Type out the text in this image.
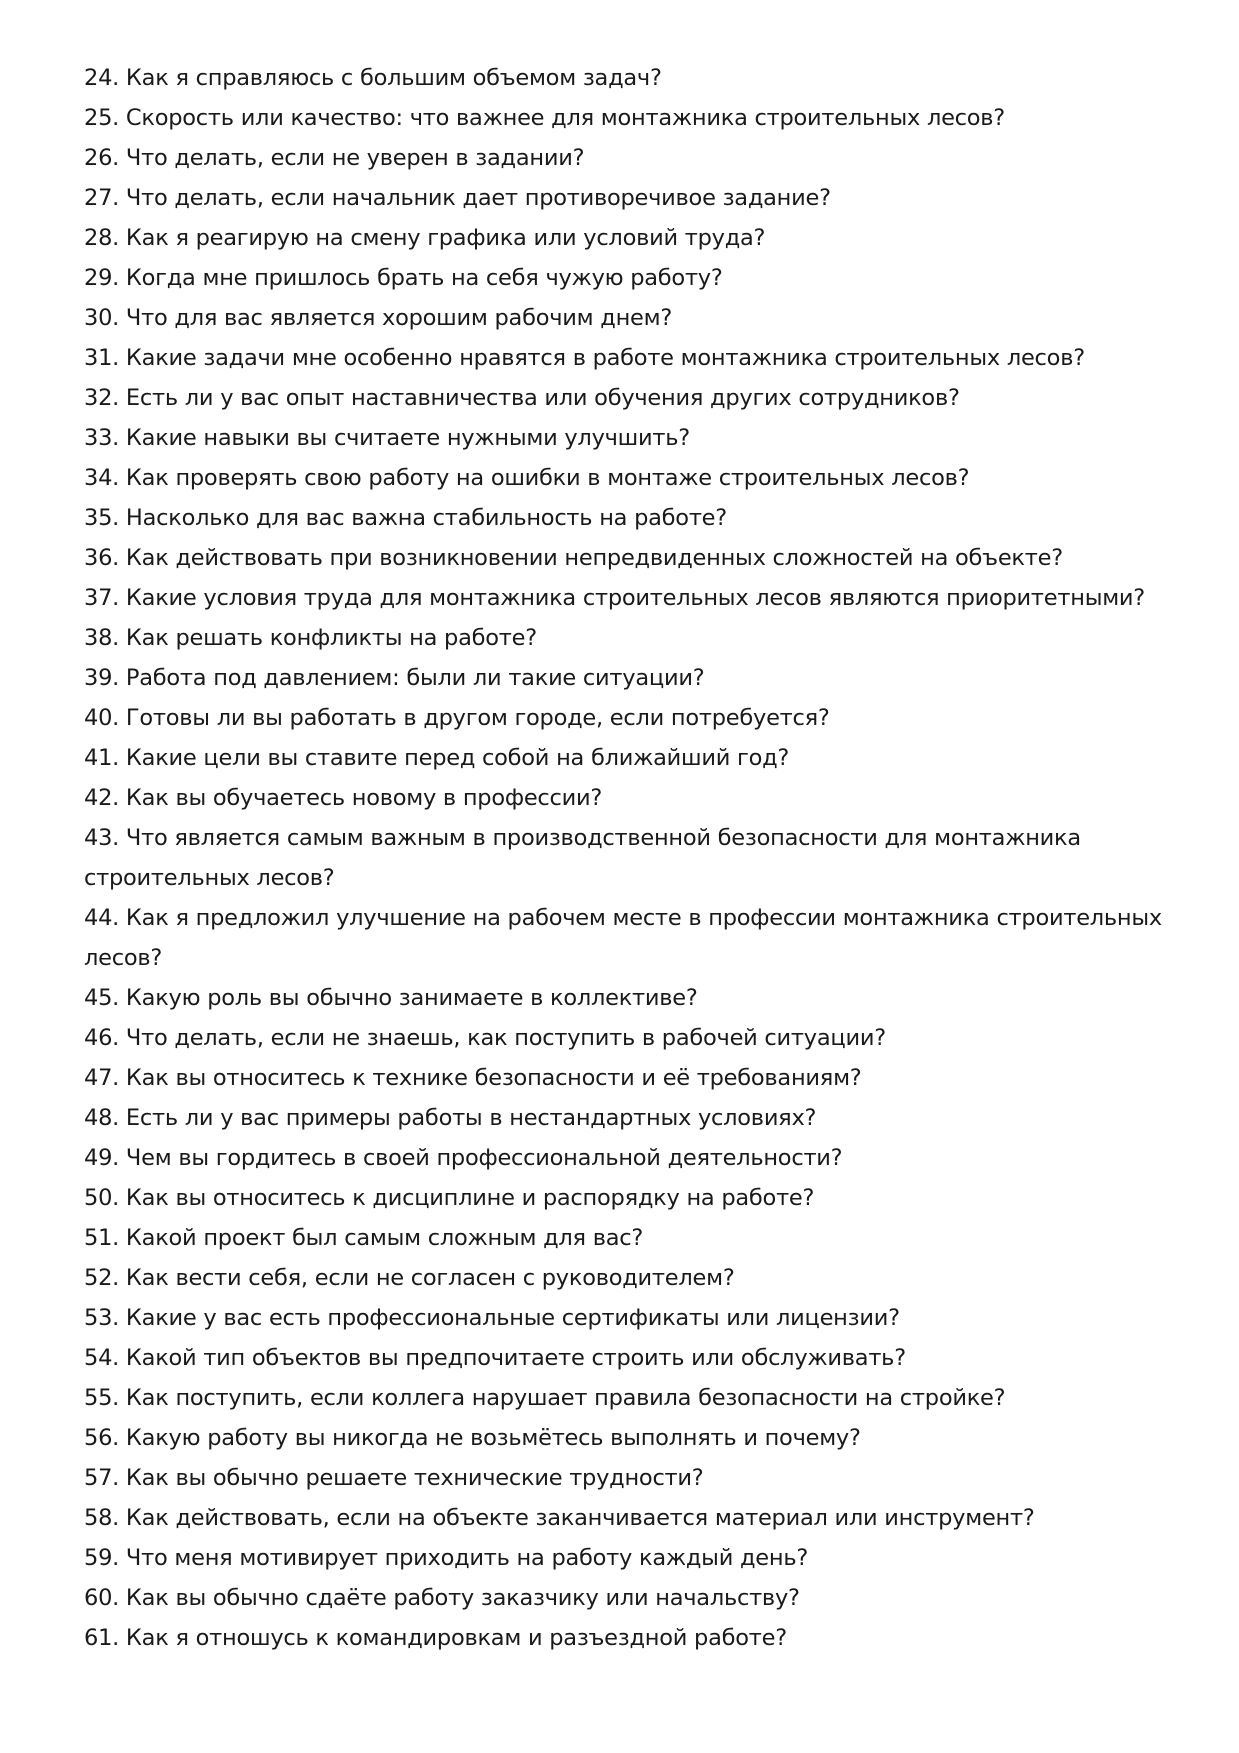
24. Как я справляюсь с большим объемом задач?
25. Скорость или качество: что важнее для монтажника строительных лесов?
26. Что делать, если не уверен в задании?
27. Что делать, если начальник дает противоречивое задание?
28. Как я реагирую на смену графика или условий труда?
29. Когда мне пришлось брать на себя чужую работу?
30. Что для вас является хорошим рабочим днем?
31. Какие задачи мне особенно нравятся в работе монтажника строительных лесов?
32. Есть ли у вас опыт наставничества или обучения других сотрудников?
33. Какие навыки вы считаете нужными улучшить?
34. Как проверять свою работу на ошибки в монтаже строительных лесов?
35. Насколько для вас важна стабильность на работе?
36. Как действовать при возникновении непредвиденных сложностей на объекте?
37. Какие условия труда для монтажника строительных лесов являются приоритетными?
38. Как решать конфликты на работе?
39. Работа под давлением: были ли такие ситуации?
40. Готовы ли вы работать в другом городе, если потребуется?
41. Какие цели вы ставите перед собой на ближайший год?
42. Как вы обучаетесь новому в профессии?
43. Что является самым важным в производственной безопасности для монтажника строительных лесов?
44. Как я предложил улучшение на рабочем месте в профессии монтажника строительных лесов?
45. Какую роль вы обычно занимаете в коллективе?
46. Что делать, если не знаешь, как поступить в рабочей ситуации?
47. Как вы относитесь к технике безопасности и её требованиям?
48. Есть ли у вас примеры работы в нестандартных условиях?
49. Чем вы гордитесь в своей профессиональной деятельности?
50. Как вы относитесь к дисциплине и распорядку на работе?
51. Какой проект был самым сложным для вас?
52. Как вести себя, если не согласен с руководителем?
53. Какие у вас есть профессиональные сертификаты или лицензии?
54. Какой тип объектов вы предпочитаете строить или обслуживать?
55. Как поступить, если коллега нарушает правила безопасности на стройке?
56. Какую работу вы никогда не возьмётесь выполнять и почему?
57. Как вы обычно решаете технические трудности?
58. Как действовать, если на объекте заканчивается материал или инструмент?
59. Что меня мотивирует приходить на работу каждый день?
60. Как вы обычно сдаёте работу заказчику или начальству?
61. Как я отношусь к командировкам и разъездной работе?
